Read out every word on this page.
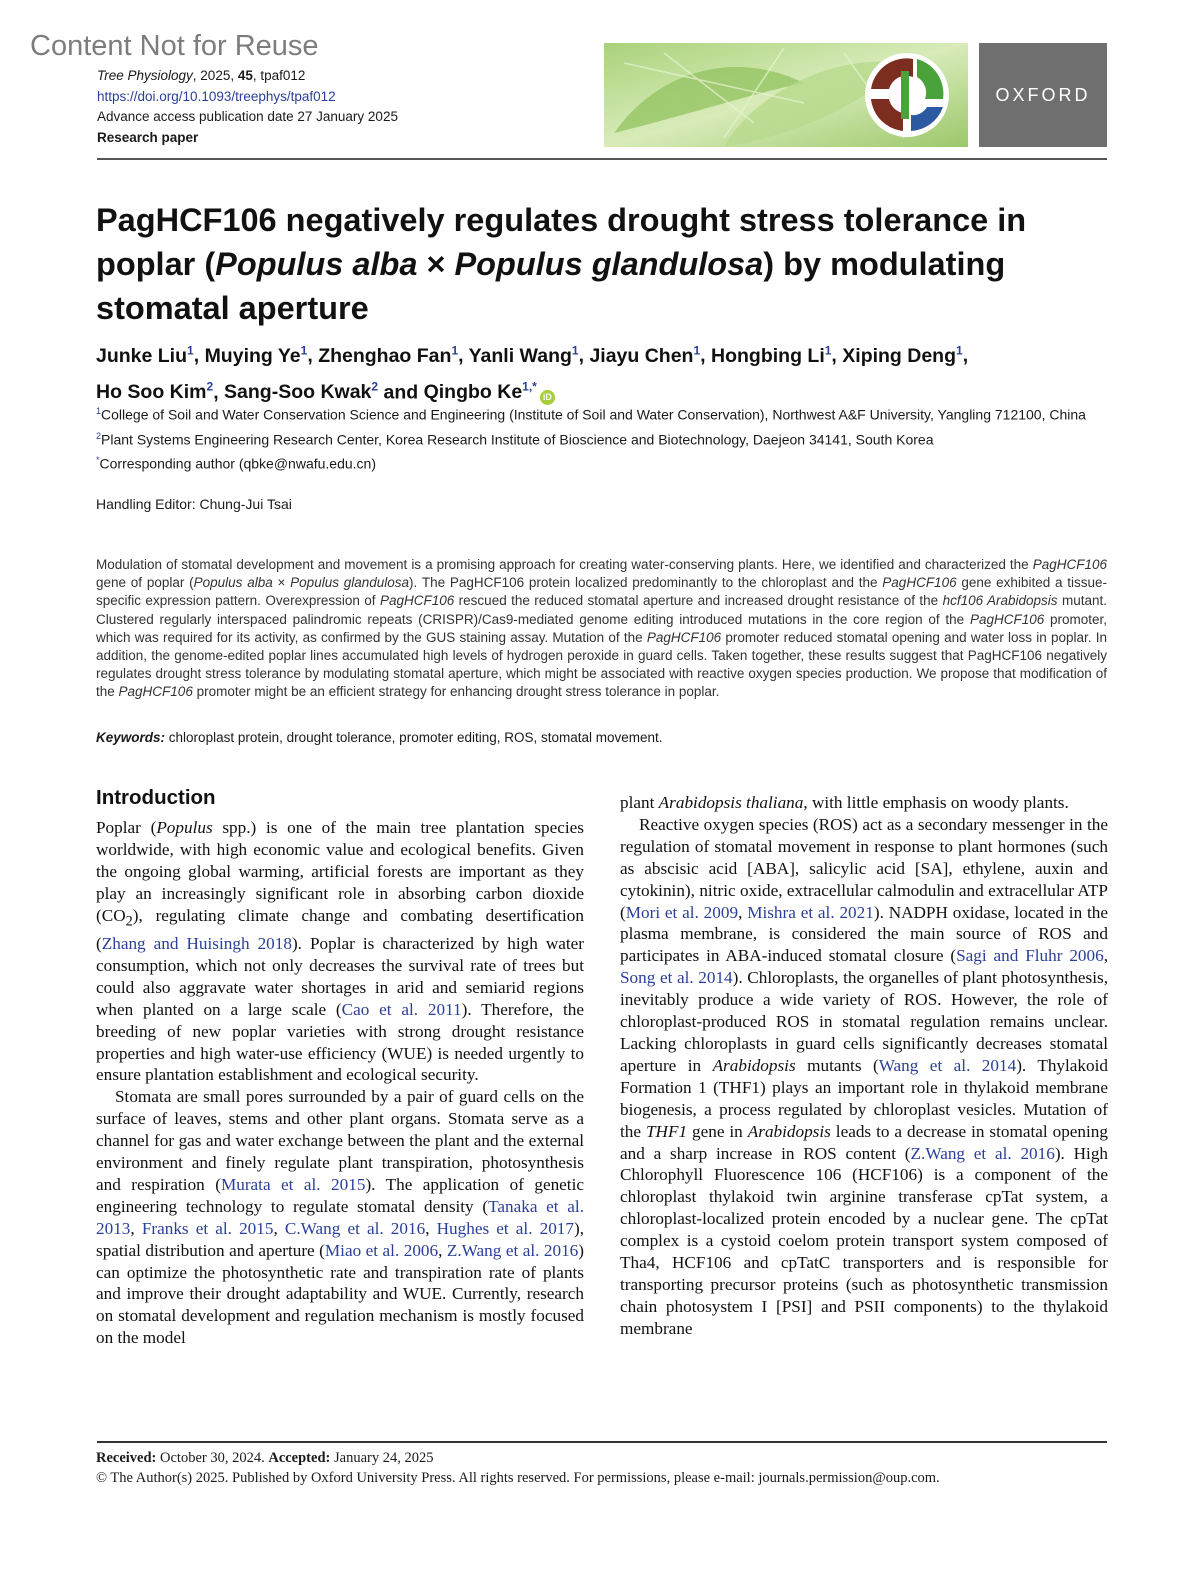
Content Not for Reuse
Tree Physiology, 2025, 45, tpaf012
https://doi.org/10.1093/treephys/tpaf012
Advance access publication date 27 January 2025
Research paper
OXFORD
PagHCF106 negatively regulates drought stress tolerance in poplar (Populus alba × Populus glandulosa) by modulating stomatal aperture
Junke Liu$^1$, Muying Ye$^1$, Zhenghao Fan$^1$, Yanli Wang$^1$, Jiayu Chen$^1$, Hongbing Li$^1$, Xiping Deng$^1$,
Ho Soo Kim$^2$, Sang-Soo Kwak$^2$ and Qingbo $Ke^{1,*}iD$

$^1$College of Soil and Water Conservation Science and Engineering (Institute of Soil and Water Conservation), Northwest A&F University, Yangling 712100, China

$^2$Plant Systems Engineering Research Center, Korea Research Institute of Bioscience and Biotechnology, Daejeon 34141, South Korea

*Corresponding author (qbke@nwafu.edu.cn)

Handling Editor: Chung-Jui Tsai

Modulation of stomatal development and movement is a promising approach for creating water-conserving plants. Here, we identified and characterized the PagHCF106 gene of poplar (Populus alba × Populus glandulosa). The PagHCF106 protein localized predominantly to the chloroplast and the PagHCF106 gene exhibited a tissue-specific expression pattern. Overexpression of PagHCF106 rescued the reduced stomatal aperture and increased drought resistance of the hcf106 Arabidopsis mutant. Clustered regularly interspaced palindromic repeats (CRISPR)/Cas9-mediated genome editing introduced mutations in the core region of the PagHCF106 promoter, which was required for its activity, as confirmed by the GUS staining assay. Mutation of the PagHCF106 promoter reduced stomatal opening and water loss in poplar. In addition, the genome-edited poplar lines accumulated high levels of hydrogen peroxide in guard cells. Taken together, these results suggest that PagHCF106 negatively regulates drought stress tolerance by modulating stomatal aperture, which might be associated with reactive oxygen species production. We propose that modification of the PagHCF106 promoter might be an efficient strategy for enhancing drought stress tolerance in poplar.

Keywords: chloroplast protein, drought tolerance, promoter editing, ROS, stomatal movement.
Introduction

Poplar (Populus spp.) is one of the main tree plantation species worldwide, with high economic value and ecological benefits. Given the ongoing global warming, artificial forests are important as they play an increasingly significant role in absorbing carbon dioxide $(CO_2)$, regulating climate change and combating desertification (Zhang and Huisingh 2018). Poplar is characterized by high water consumption, which not only decreases the survival rate of trees but could also aggravate water shortages in arid and semiarid regions when planted on a large scale (Cao et al. 2011). Therefore, the breeding of new poplar varieties with strong drought resistance properties and high water-use efficiency (WUE) is needed urgently to ensure plantation establishment and ecological security.

Stomata are small pores surrounded by a pair of guard cells on the surface of leaves, stems and other plant organs. Stomata serve as a channel for gas and water exchange between the plant and the external environment and finely regulate plant transpiration, photosynthesis and respiration (Murata et al. 2015). The application of genetic engineering technology to regulate stomatal density (Tanaka et al. 2013, Franks et al. 2015, C.Wang et al. 2016, Hughes et al. 2017), spatial distribution and aperture (Miao et al. 2006, Z.Wang et al. 2016) can optimize the photosynthetic rate and transpiration rate of plants and improve their drought adaptability and WUE. Currently, research on stomatal development and regulation mechanism is mostly focused on the model

plant Arabidopsis thaliana, with little emphasis on woody plants.

Reactive oxygen species (ROS) act as a secondary messenger in the regulation of stomatal movement in response to plant hormones (such as abscisic acid [ABA], salicylic acid [SA], ethylene, auxin and cytokinin), nitric oxide, extracellular calmodulin and extracellular ATP (Mori et al. 2009, Mishra et al. 2021). NADPH oxidase, located in the plasma membrane, is considered the main source of ROS and participates in ABA-induced stomatal closure (Sagi and Fluhr 2006, Song et al. 2014). Chloroplasts, the organelles of plant photosynthesis, inevitably produce a wide variety of ROS. However, the role of chloroplast-produced ROS in stomatal regulation remains unclear. Lacking chloroplasts in guard cells significantly decreases stomatal aperture in Arabidopsis mutants (Wang et al. 2014). Thylakoid Formation 1 (THF1) plays an important role in thylakoid membrane biogenesis, a process regulated by chloroplast vesicles. Mutation of the THF1 gene in Arabidopsis leads to a decrease in stomatal opening and a sharp increase in ROS content (Z.Wang et al. 2016). High Chlorophyll Fluorescence 106 (HCF106) is a component of the chloroplast thylakoid twin arginine transferase cpTat system, a chloroplast-localized protein encoded by a nuclear gene. The cpTat complex is a cystoid coelom protein transport system composed of Tha4, HCF106 and cpTatC transporters and is responsible for transporting precursor proteins (such as photosynthetic transmission chain photosystem I [PSI] and PSII components) to the thylakoid membrane

Received: October 30, 2024. Accepted: January 24, 2025
© The Author(s) 2025. Published by Oxford University Press. All rights reserved. For permissions, please e-mail: journals.permission@oup.com.
